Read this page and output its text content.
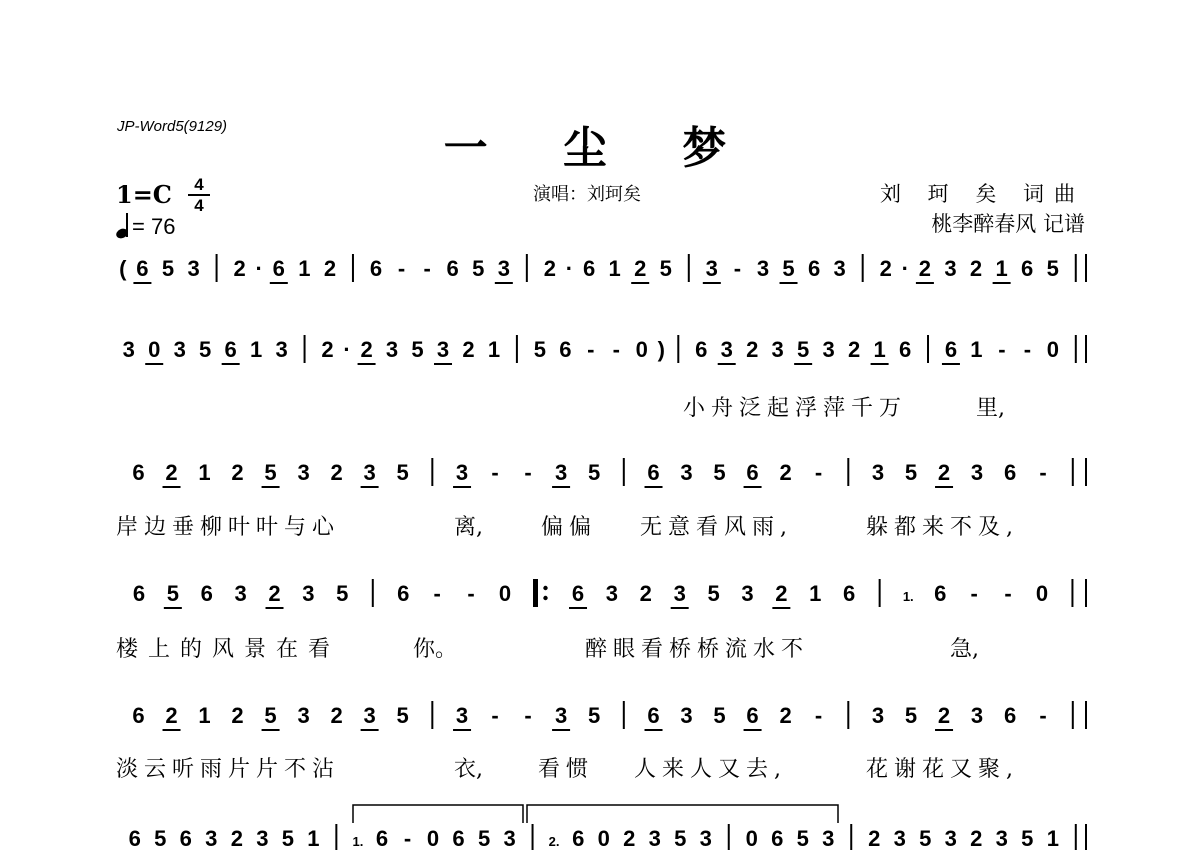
JP-Word5(9129)	一 尘 梦
演唱：刘珂矣	刘 珂 矣 词曲
桃李醉春风 记谱
1=C	4
4
= 76
( 6 5 3 2 · 6 1 2 6 - - 6 5 3 2 · 6 1 2 5 3 - 3 5 6 3 2 · 2 3 2 1 6 5
3 0 3 5 6 1 3 2 · 2 3 5 3 2 1 5 6 - - 0 ) 6 3 2 3 5 3 2 1 6 6 1 - - 0
6 2 1 2 5 3 2 3 5 3 - - 3 5 6 3 5 6 2 - 3 5 2 3 6 -
6 5 6 3 2 3 5 6 - - 0	6 3 2 3 5 3 2 1 6	1. 6 - - 0
6 2 1 2 5 3 2 3 5 3 - - 3 5 6 3 5 6 2 - 3 5 2 3 6 -
6 5 6 3 2 3 5 1	1. 6 - 0 6 5 3	2. 6 0 2 3 5 3 0 6 5 3 2 3 5 3 2 3 5 1
小舟泛起浮萍千万	里,
岸边垂柳叶叶与心	离,	偏偏 无意看风雨,	躲都来不及,
楼上的风景在看	你。	醉眼看桥桥流水不	急,
淡云听雨片片不沾	衣,	看惯 人来人又去,	花谢花又聚,
